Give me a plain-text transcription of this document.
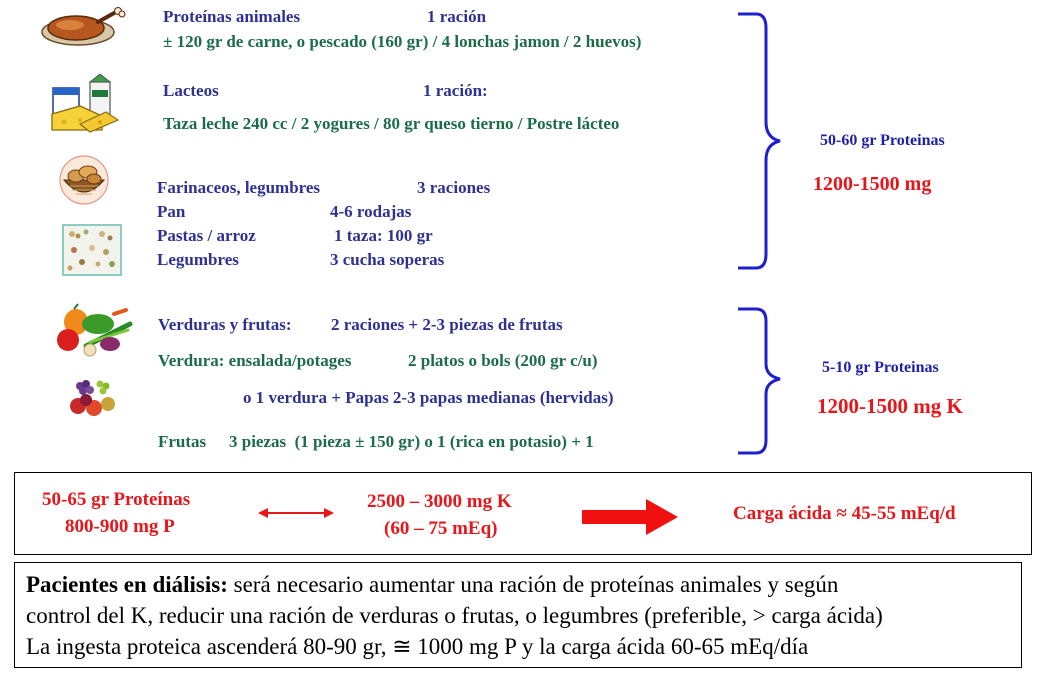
Proteínas animales	1 ración
± 120 gr de carne, o pescado (160 gr) / 4 lonchas jamon / 2 huevos)
Lacteos	1 ración:
Taza leche 240 cc / 2 yogures / 80 gr queso tierno / Postre lácteo
Farinaceos, legumbres	3 raciones
Pan	4-6 rodajas
Pastas / arroz	1 taza: 100 gr
Legumbres	3 cucha soperas
50-60 gr Proteinas
1200-1500 mg
Verduras y frutas: 2 raciones + 2-3 piezas de frutas
Verdura: ensalada/potages	2 platos o bols (200 gr c/u)
o 1 verdura + Papas 2-3 papas medianas (hervidas)
Frutas 3 piezas  (1 pieza ± 150 gr) o 1 (rica en potasio) + 1
5-10 gr Proteinas
1200-1500 mg K
50-65 gr Proteínas
800-900 mg P
2500 – 3000 mg K
(60 – 75 mEq)
Carga ácida ≈ 45-55 mEq/d
Pacientes en diálisis: será necesario aumentar una ración de proteínas animales y según
control del K, reducir una ración de verduras o frutas, o legumbres (preferible, > carga ácida)
La ingesta proteica ascenderá 80-90 gr, ≅ 1000 mg P y la carga ácida 60-65 mEq/día
